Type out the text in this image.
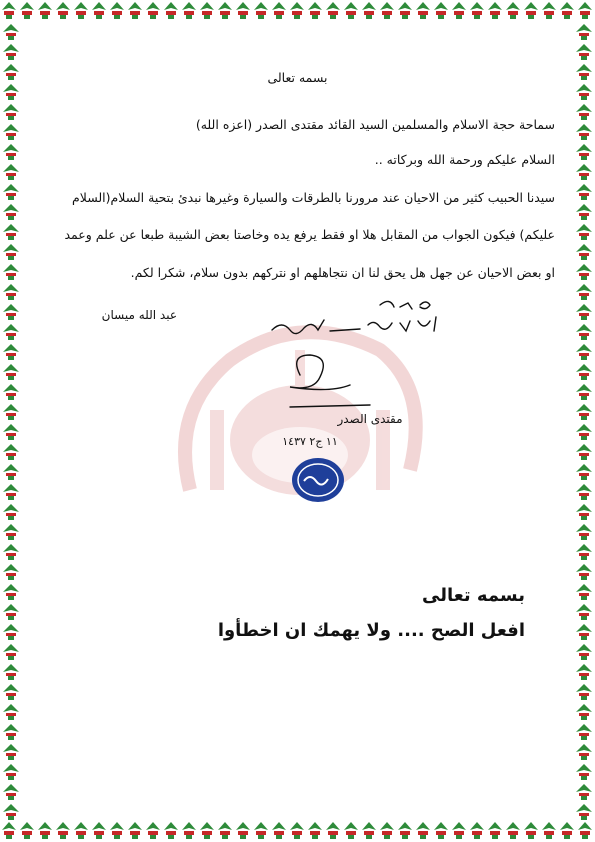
بسمه تعالى
سماحة حجة الاسلام والمسلمين السيد القائد مقتدى الصدر (اعزه الله)
السلام عليكم ورحمة الله وبركاته ..
سيدنا الحبيب كثير من الاحيان عند مرورنا بالطرقات والسيارة وغيرها نبدئ بتحية السلام(السلام
عليكم) فيكون الجواب من المقابل هلا او فقط يرفع يده وخاصتا بعض الشيبة طبعا عن علم وعمد
او بعض الاحيان عن جهل هل يحق لنا ان نتجاهلهم او نتركهم بدون سلام، شكرا لكم.
عبد الله ميسان
مقتدى الصدر
١١ ج٢ ١٤٣٧
بسمه تعالى
افعل الصح .... ولا يهمك ان اخطأوا
